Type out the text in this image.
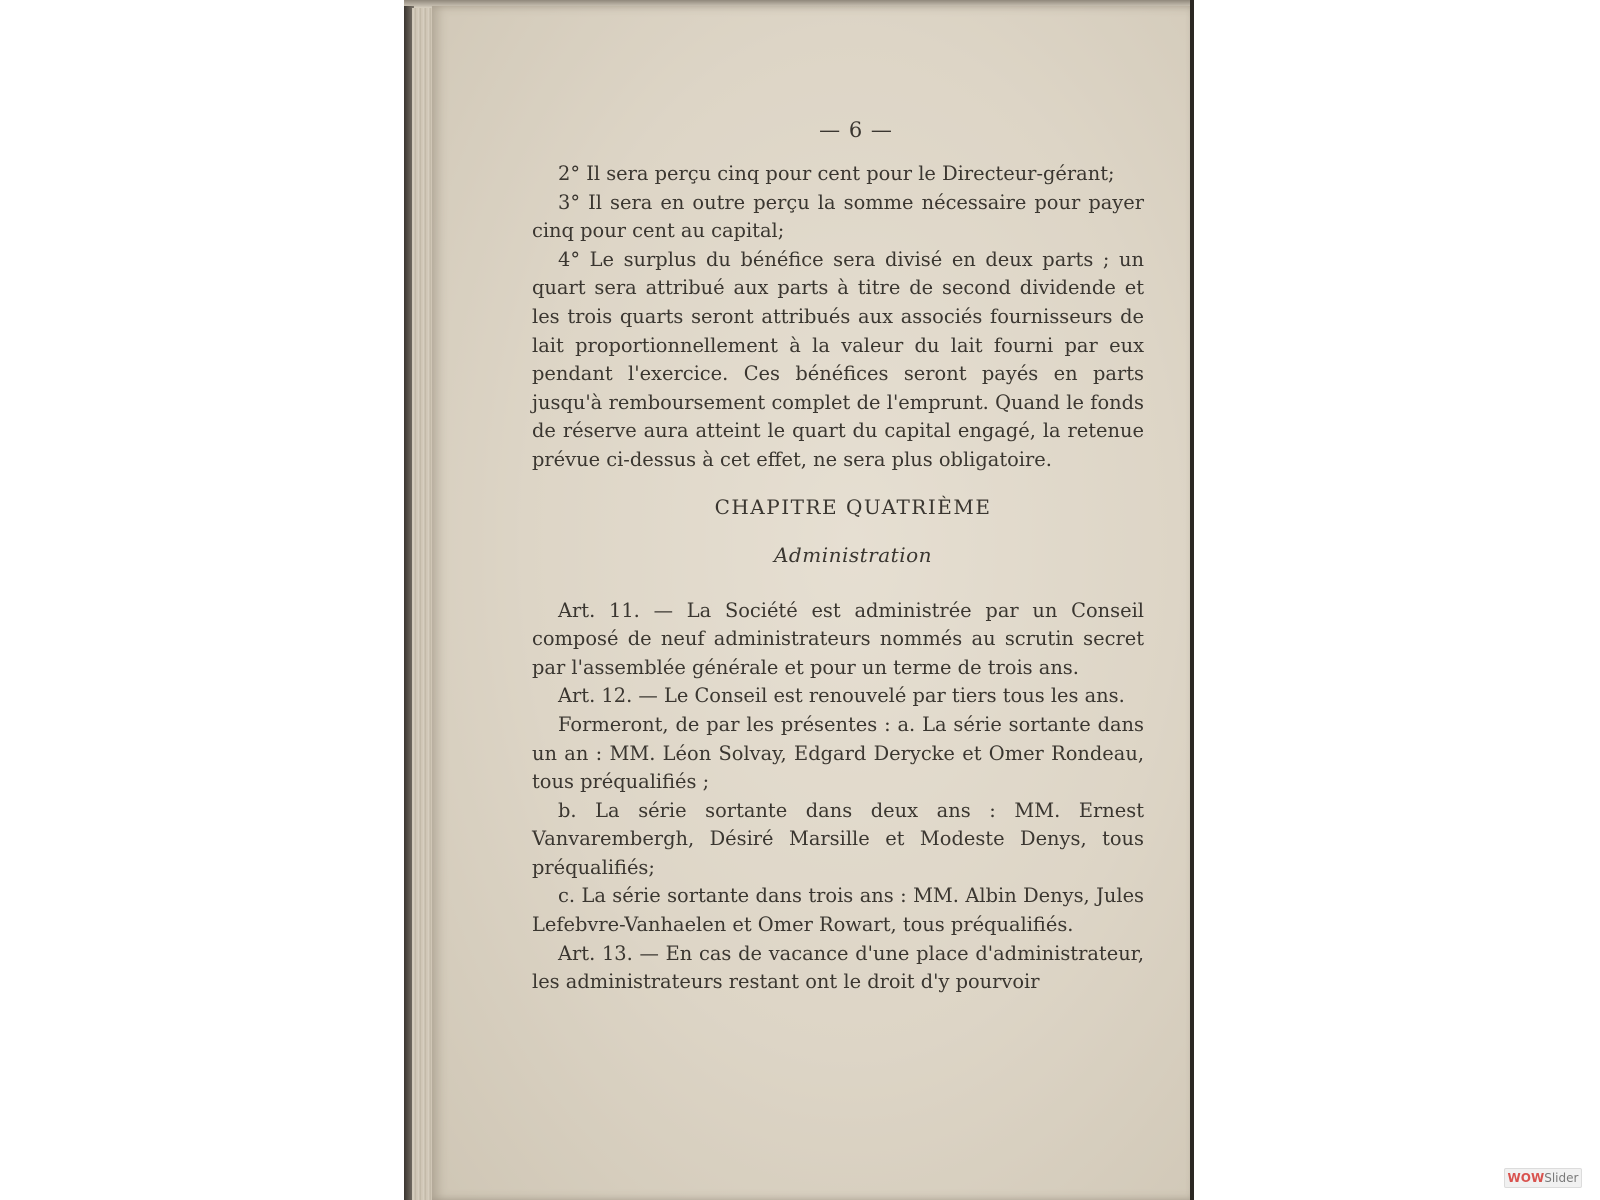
— 6 —

2° Il sera perçu cinq pour cent pour le Directeur-gérant;

3° Il sera en outre perçu la somme nécessaire pour payer cinq pour cent au capital;

4° Le surplus du bénéfice sera divisé en deux parts ; un quart sera attribué aux parts à titre de second dividende et les trois quarts seront attribués aux associés fournisseurs de lait proportionnellement à la valeur du lait fourni par eux pendant l'exercice. Ces bénéfices seront payés en parts jusqu'à remboursement complet de l'emprunt. Quand le fonds de réserve aura atteint le quart du capital engagé, la retenue prévue ci-dessus à cet effet, ne sera plus obligatoire.

CHAPITRE QUATRIÈME
Administration

Art. 11. — La Société est administrée par un Conseil composé de neuf administrateurs nommés au scrutin secret par l'assemblée générale et pour un terme de trois ans.

Art. 12. — Le Conseil est renouvelé par tiers tous les ans.

Formeront, de par les présentes : a. La série sortante dans un an : MM. Léon Solvay, Edgard Derycke et Omer Rondeau, tous préqualifiés ;

b. La série sortante dans deux ans : MM. Ernest Vanvarembergh, Désiré Marsille et Modeste Denys, tous préqualifiés;

c. La série sortante dans trois ans : MM. Albin Denys, Jules Lefebvre-Vanhaelen et Omer Rowart, tous préqualifiés.

Art. 13. — En cas de vacance d'une place d'administrateur, les administrateurs restant ont le droit d'y pourvoir

WOWSlider
